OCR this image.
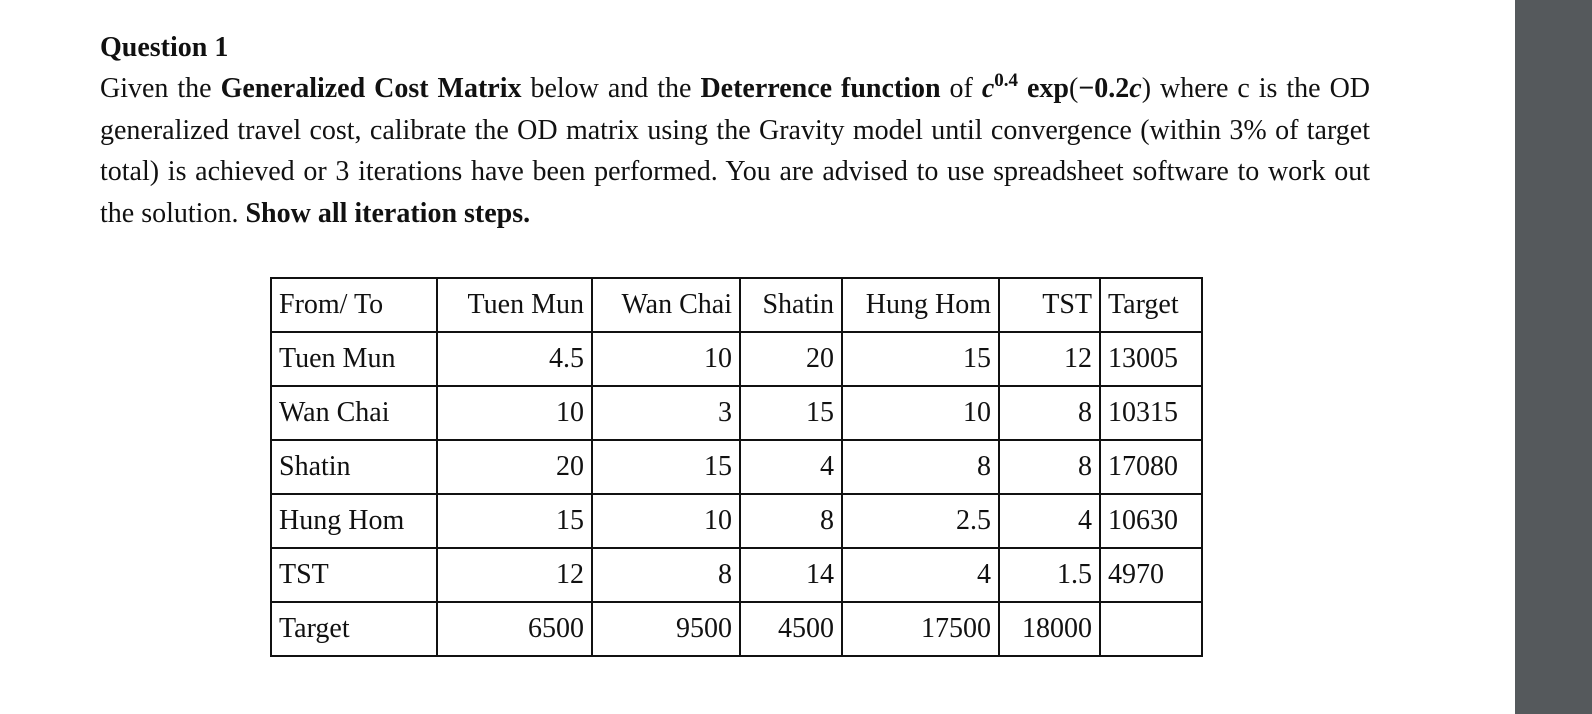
Question 1

Given the Generalized Cost Matrix below and the Deterrence function of $c^{0.4}$ exp(−0.2c) where c is the OD generalized travel cost, calibrate the OD matrix using the Gravity model until convergence (within 3% of target total) is achieved or 3 iterations have been performed. You are advised to use spreadsheet software to work out the solution. Show all iteration steps.

From/ To	Tuen Mun	Wan Chai	Shatin	Hung Hom	TST	Target
Tuen Mun	4.5	10	20	15	12	13005
Wan Chai	10	3	15	10	8	10315
Shatin	20	15	4	8	8	17080
Hung Hom	15	10	8	2.5	4	10630
TST	12	8	14	4	1.5	4970
Target	6500	9500	4500	17500	18000	
